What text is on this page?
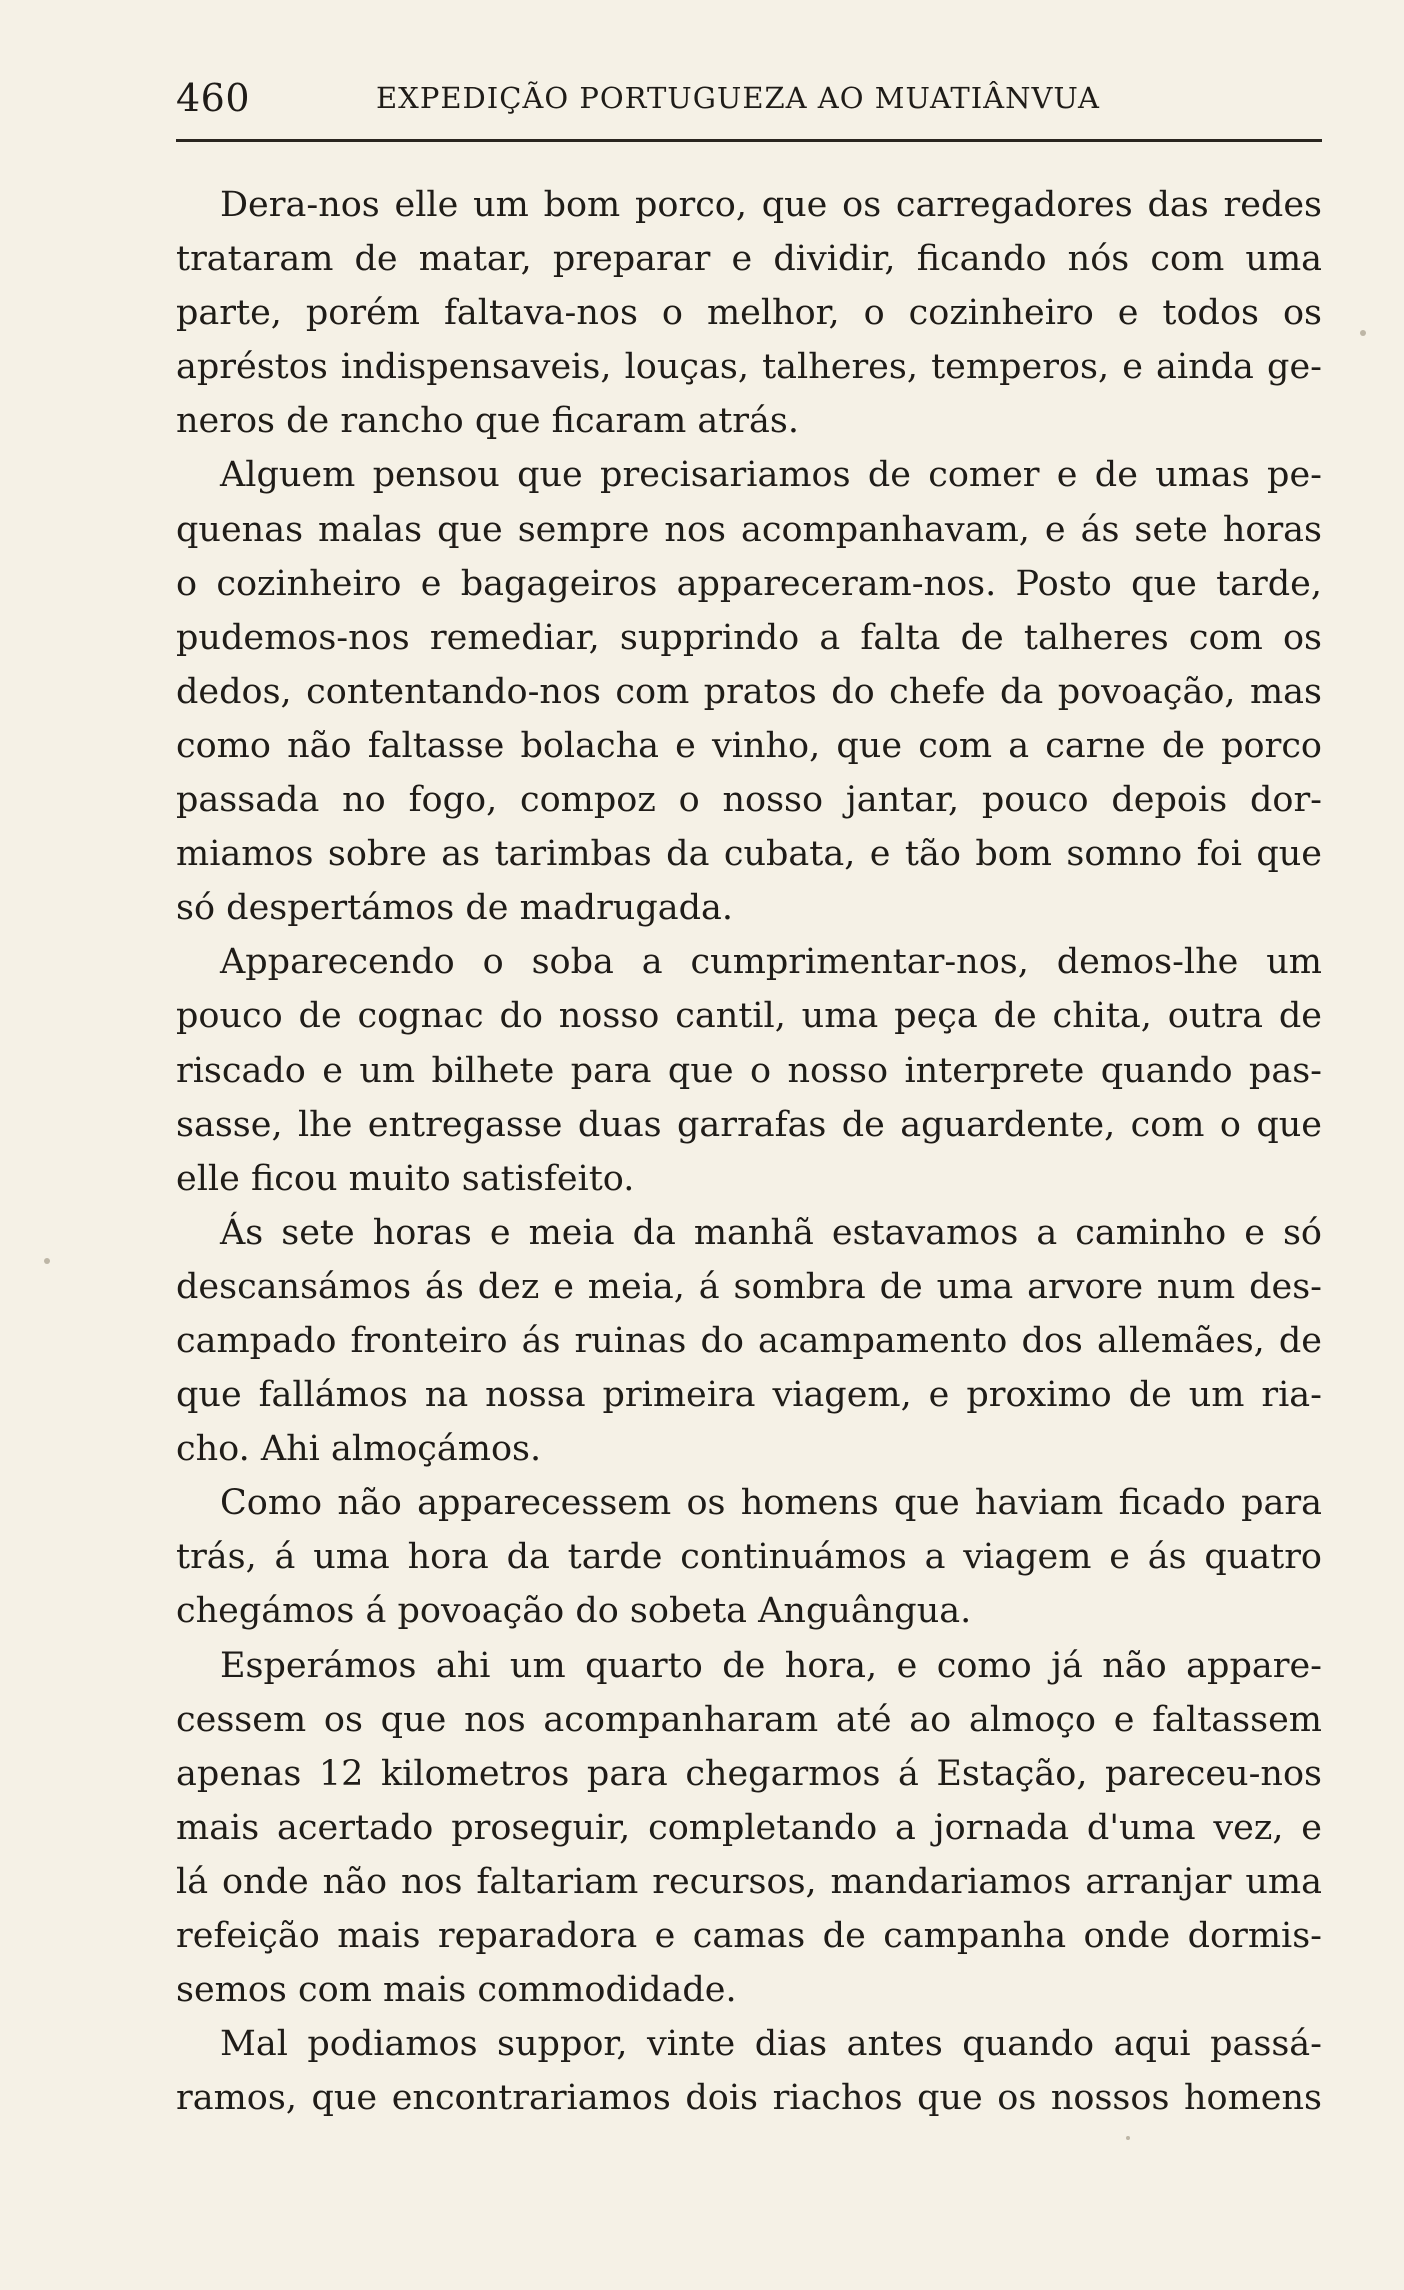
460	EXPEDIÇÃO PORTUGUEZA AO MUATIÂNVUA
Dera-nos elle um bom porco, que os carregadores das redes
trataram de matar, preparar e dividir, ficando nós com uma
parte, porém faltava-nos o melhor, o cozinheiro e todos os
apréstos indispensaveis, louças, talheres, temperos, e ainda ge-
neros de rancho que ficaram atrás.
Alguem pensou que precisariamos de comer e de umas pe-
quenas malas que sempre nos acompanhavam, e ás sete horas
o cozinheiro e bagageiros appareceram-nos. Posto que tarde,
pudemos-nos remediar, supprindo a falta de talheres com os
dedos, contentando-nos com pratos do chefe da povoação, mas
como não faltasse bolacha e vinho, que com a carne de porco
passada no fogo, compoz o nosso jantar, pouco depois dor-
miamos sobre as tarimbas da cubata, e tão bom somno foi que
só despertámos de madrugada.
Apparecendo o soba a cumprimentar-nos, demos-lhe um
pouco de cognac do nosso cantil, uma peça de chita, outra de
riscado e um bilhete para que o nosso interprete quando pas-
sasse, lhe entregasse duas garrafas de aguardente, com o que
elle ficou muito satisfeito.
Ás sete horas e meia da manhã estavamos a caminho e só
descansámos ás dez e meia, á sombra de uma arvore num des-
campado fronteiro ás ruinas do acampamento dos allemães, de
que fallámos na nossa primeira viagem, e proximo de um ria-
cho. Ahi almoçámos.
Como não apparecessem os homens que haviam ficado para
trás, á uma hora da tarde continuámos a viagem e ás quatro
chegámos á povoação do sobeta Anguângua.
Esperámos ahi um quarto de hora, e como já não appare-
cessem os que nos acompanharam até ao almoço e faltassem
apenas 12 kilometros para chegarmos á Estação, pareceu-nos
mais acertado proseguir, completando a jornada d'uma vez, e
lá onde não nos faltariam recursos, mandariamos arranjar uma
refeição mais reparadora e camas de campanha onde dormis-
semos com mais commodidade.
Mal podiamos suppor, vinte dias antes quando aqui passá-
ramos, que encontrariamos dois riachos que os nossos homens
